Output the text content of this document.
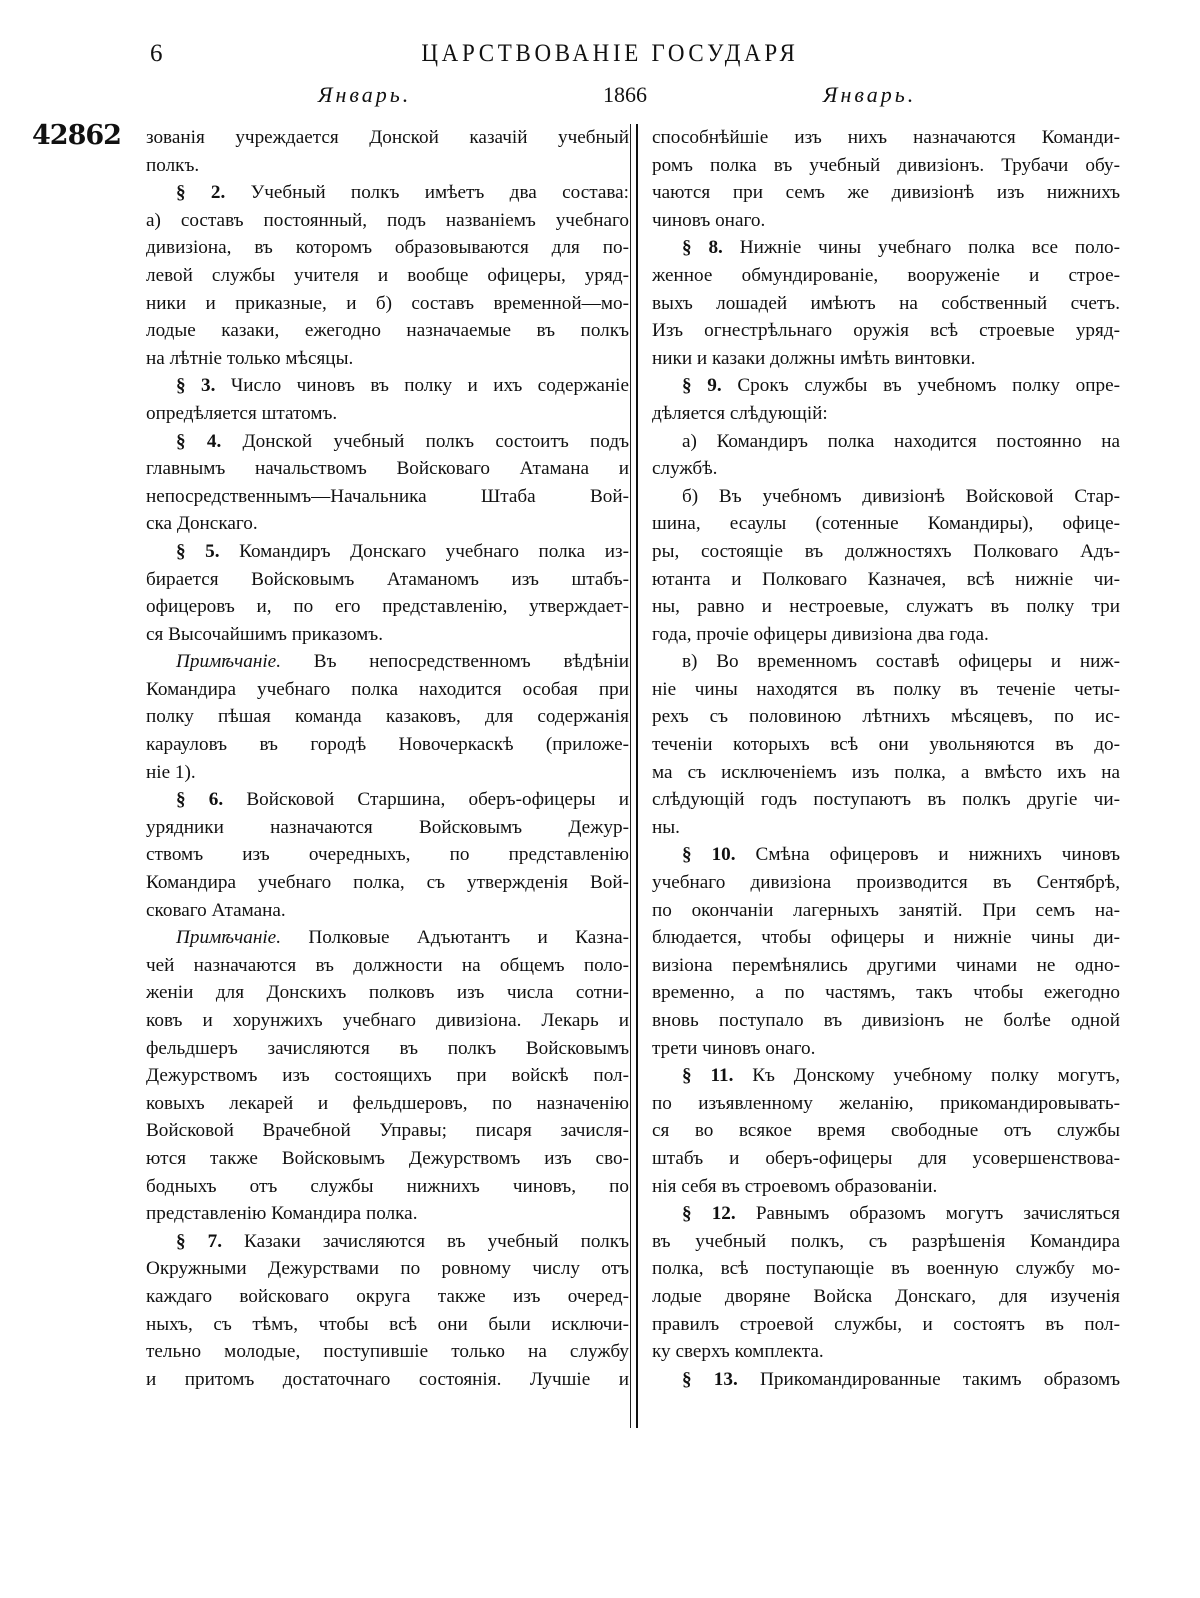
6	ЦАРСТВОВАНІЕ ГОСУДАРЯ
Январь.	1866	Январь.
42862 зованія учреждается Донской казачій учебный
полкъ.
§ 2. Учебный полкъ имѣетъ два состава:
а) составъ постоянный, подъ названіемъ учебнаго
дивизіона, въ которомъ образовываются для по-
левой службы учителя и вообще офицеры, уряд-
ники и приказные, и б) составъ временной—мо-
лодые казаки, ежегодно назначаемые въ полкъ
на лѣтніе только мѣсяцы.
§ 3. Число чиновъ въ полку и ихъ содержаніе
опредѣляется штатомъ.
§ 4. Донской учебный полкъ состоитъ подъ
главнымъ начальствомъ Войсковаго Атамана и
непосредственнымъ—Начальника Штаба Вой-
ска Донскаго.
§ 5. Командиръ Донскаго учебнаго полка из-
бирается Войсковымъ Атаманомъ изъ штабъ-
офицеровъ и, по его представленію, утверждает-
ся Высочайшимъ приказомъ.
Примѣчаніе. Въ непосредственномъ вѣдѣніи
Командира учебнаго полка находится особая при
полку пѣшая команда казаковъ, для содержанія
карауловъ въ городѣ Новочеркаскѣ (приложе-
ніе 1).
§ 6. Войсковой Старшина, оберъ-офицеры и
урядники назначаются Войсковымъ Дежур-
ствомъ изъ очередныхъ, по представленію
Командира учебнаго полка, съ утвержденія Вой-
сковаго Атамана.
Примѣчаніе. Полковые Адъютантъ и Казна-
чей назначаются въ должности на общемъ поло-
женіи для Донскихъ полковъ изъ числа сотни-
ковъ и хорунжихъ учебнаго дивизіона. Лекарь и
фельдшеръ зачисляются въ полкъ Войсковымъ
Дежурствомъ изъ состоящихъ при войскѣ пол-
ковыхъ лекарей и фельдшеровъ, по назначенію
Войсковой Врачебной Управы; писаря зачисля-
ются также Войсковымъ Дежурствомъ изъ сво-
бодныхъ отъ службы нижнихъ чиновъ, по
представленію Командира полка.
§ 7. Казаки зачисляются въ учебный полкъ
Окружными Дежурствами по ровному числу отъ
каждаго войсковаго округа также изъ очеред-
ныхъ, съ тѣмъ, чтобы всѣ они были исключи-
тельно молодые, поступившіе только на службу
и притомъ достаточнаго состоянія. Лучшіе и
способнѣйшіе изъ нихъ назначаются Команди-
ромъ полка въ учебный дивизіонъ. Трубачи обу-
чаются при семъ же дивизіонѣ изъ нижнихъ
чиновъ онаго.
§ 8. Нижніе чины учебнаго полка все поло-
женное обмундированіе, вооруженіе и строе-
выхъ лошадей имѣютъ на собственный счетъ.
Изъ огнестрѣльнаго оружія всѣ строевые уряд-
ники и казаки должны имѣть винтовки.
§ 9. Срокъ службы въ учебномъ полку опре-
дѣляется слѣдующій:
а) Командиръ полка находится постоянно на
службѣ.
б) Въ учебномъ дивизіонѣ Войсковой Стар-
шина, есаулы (сотенные Командиры), офице-
ры, состоящіе въ должностяхъ Полковаго Адъ-
ютанта и Полковаго Казначея, всѣ нижніе чи-
ны, равно и нестроевые, служатъ въ полку три
года, прочіе офицеры дивизіона два года.
в) Во временномъ составѣ офицеры и ниж-
ніе чины находятся въ полку въ теченіе четы-
рехъ съ половиною лѣтнихъ мѣсяцевъ, по ис-
теченіи которыхъ всѣ они увольняются въ до-
ма съ исключеніемъ изъ полка, а вмѣсто ихъ на
слѣдующій годъ поступаютъ въ полкъ другіе чи-
ны.
§ 10. Смѣна офицеровъ и нижнихъ чиновъ
учебнаго дивизіона производится въ Сентябрѣ,
по окончаніи лагерныхъ занятій. При семъ на-
блюдается, чтобы офицеры и нижніе чины ди-
визіона перемѣнялись другими чинами не одно-
временно, а по частямъ, такъ чтобы ежегодно
вновь поступало въ дивизіонъ не болѣе одной
трети чиновъ онаго.
§ 11. Къ Донскому учебному полку могутъ,
по изъявленному желанію, прикомандировывать-
ся во всякое время свободные отъ службы
штабъ и оберъ-офицеры для усовершенствова-
нія себя въ строевомъ образованіи.
§ 12. Равнымъ образомъ могутъ зачисляться
въ учебный полкъ, съ разрѣшенія Командира
полка, всѣ поступающіе въ военную службу мо-
лодые дворяне Войска Донскаго, для изученія
правилъ строевой службы, и состоятъ въ пол-
ку сверхъ комплекта.
§ 13. Прикомандированные такимъ образомъ
